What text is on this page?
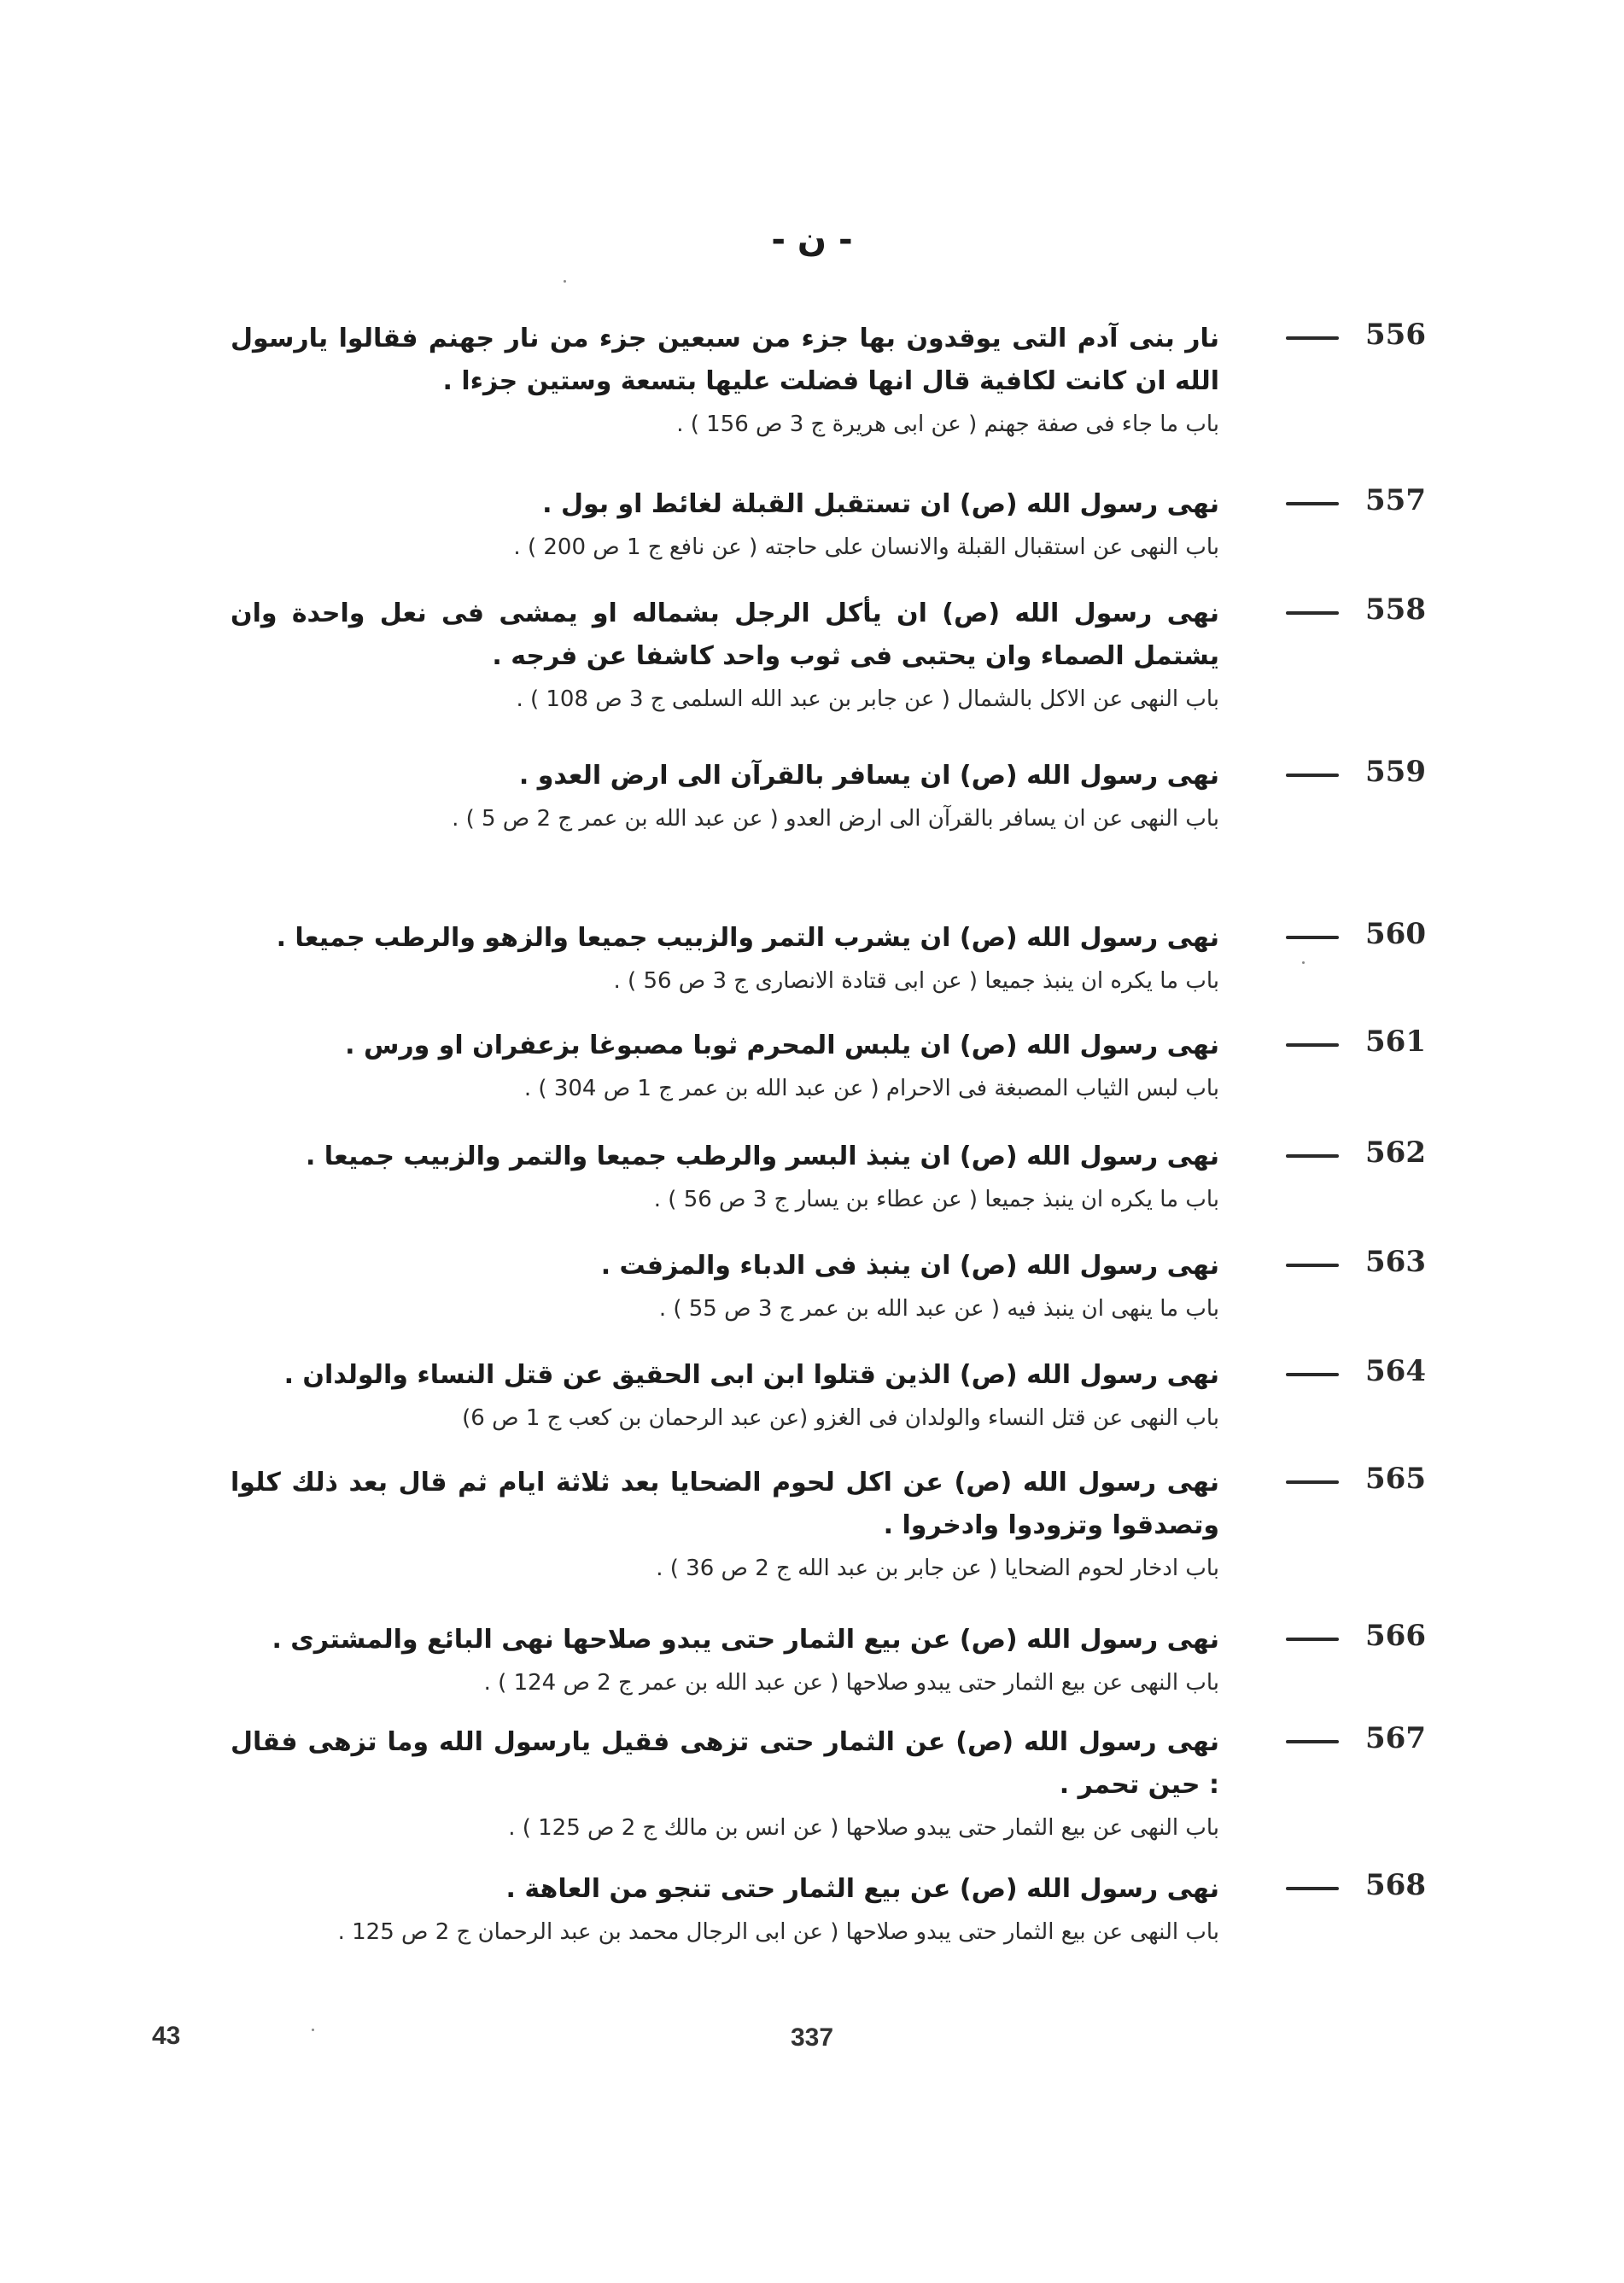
- ن -
556
نار بنى آدم التى يوقدون بها جزء من سبعين جزء من نار جهنم فقالوا يارسول الله ان كانت لكافية قال انها فضلت عليها بتسعة وستين جزءا .
باب ما جاء فى صفة جهنم ( عن ابى هريرة ج 3 ص 156 ) .
557
نهى رسول الله (ص) ان تستقبل القبلة لغائط او بول .
باب النهى عن استقبال القبلة والانسان على حاجته ( عن نافع ج 1 ص 200 ) .
558
نهى رسول الله (ص) ان يأكل الرجل بشماله او يمشى فى نعل واحدة وان يشتمل الصماء وان يحتبى فى ثوب واحد كاشفا عن فرجه .
باب النهى عن الاكل بالشمال ( عن جابر بن عبد الله السلمى ج 3 ص 108 ) .
559
نهى رسول الله (ص) ان يسافر بالقرآن الى ارض العدو .
باب النهى عن ان يسافر بالقرآن الى ارض العدو ( عن عبد الله بن عمر ج 2 ص 5 ) .
560
نهى رسول الله (ص) ان يشرب التمر والزبيب جميعا والزهو والرطب جميعا .
باب ما يكره ان ينبذ جميعا ( عن ابى قتادة الانصارى ج 3 ص 56 ) .
561
نهى رسول الله (ص) ان يلبس المحرم ثوبا مصبوغا بزعفران او ورس .
باب لبس الثياب المصبغة فى الاحرام ( عن عبد الله بن عمر ج 1 ص 304 ) .
562
نهى رسول الله (ص) ان ينبذ البسر والرطب جميعا والتمر والزبيب جميعا .
باب ما يكره ان ينبذ جميعا ( عن عطاء بن يسار ج 3 ص 56 ) .
563
نهى رسول الله (ص) ان ينبذ فى الدباء والمزفت .
باب ما ينهى ان ينبذ فيه ( عن عبد الله بن عمر ج 3 ص 55 ) .
564
نهى رسول الله (ص) الذين قتلوا ابن ابى الحقيق عن قتل النساء والولدان .
باب النهى عن قتل النساء والولدان فى الغزو (عن عبد الرحمان بن كعب ج 1 ص 6)
565
نهى رسول الله (ص) عن اكل لحوم الضحايا بعد ثلاثة ايام ثم قال بعد ذلك كلوا وتصدقوا وتزودوا وادخروا .
باب ادخار لحوم الضحايا ( عن جابر بن عبد الله ج 2 ص 36 ) .
566
نهى رسول الله (ص) عن بيع الثمار حتى يبدو صلاحها نهى البائع والمشترى .
باب النهى عن بيع الثمار حتى يبدو صلاحها ( عن عبد الله بن عمر ج 2 ص 124 ) .
567
نهى رسول الله (ص) عن الثمار حتى تزهى فقيل يارسول الله وما تزهى فقال : حين تحمر .
باب النهى عن بيع الثمار حتى يبدو صلاحها ( عن انس بن مالك ج 2 ص 125 ) .
568
نهى رسول الله (ص) عن بيع الثمار حتى تنجو من العاهة .
باب النهى عن بيع الثمار حتى يبدو صلاحها ( عن ابى الرجال محمد بن عبد الرحمان ج 2 ص 125 .
43	337
